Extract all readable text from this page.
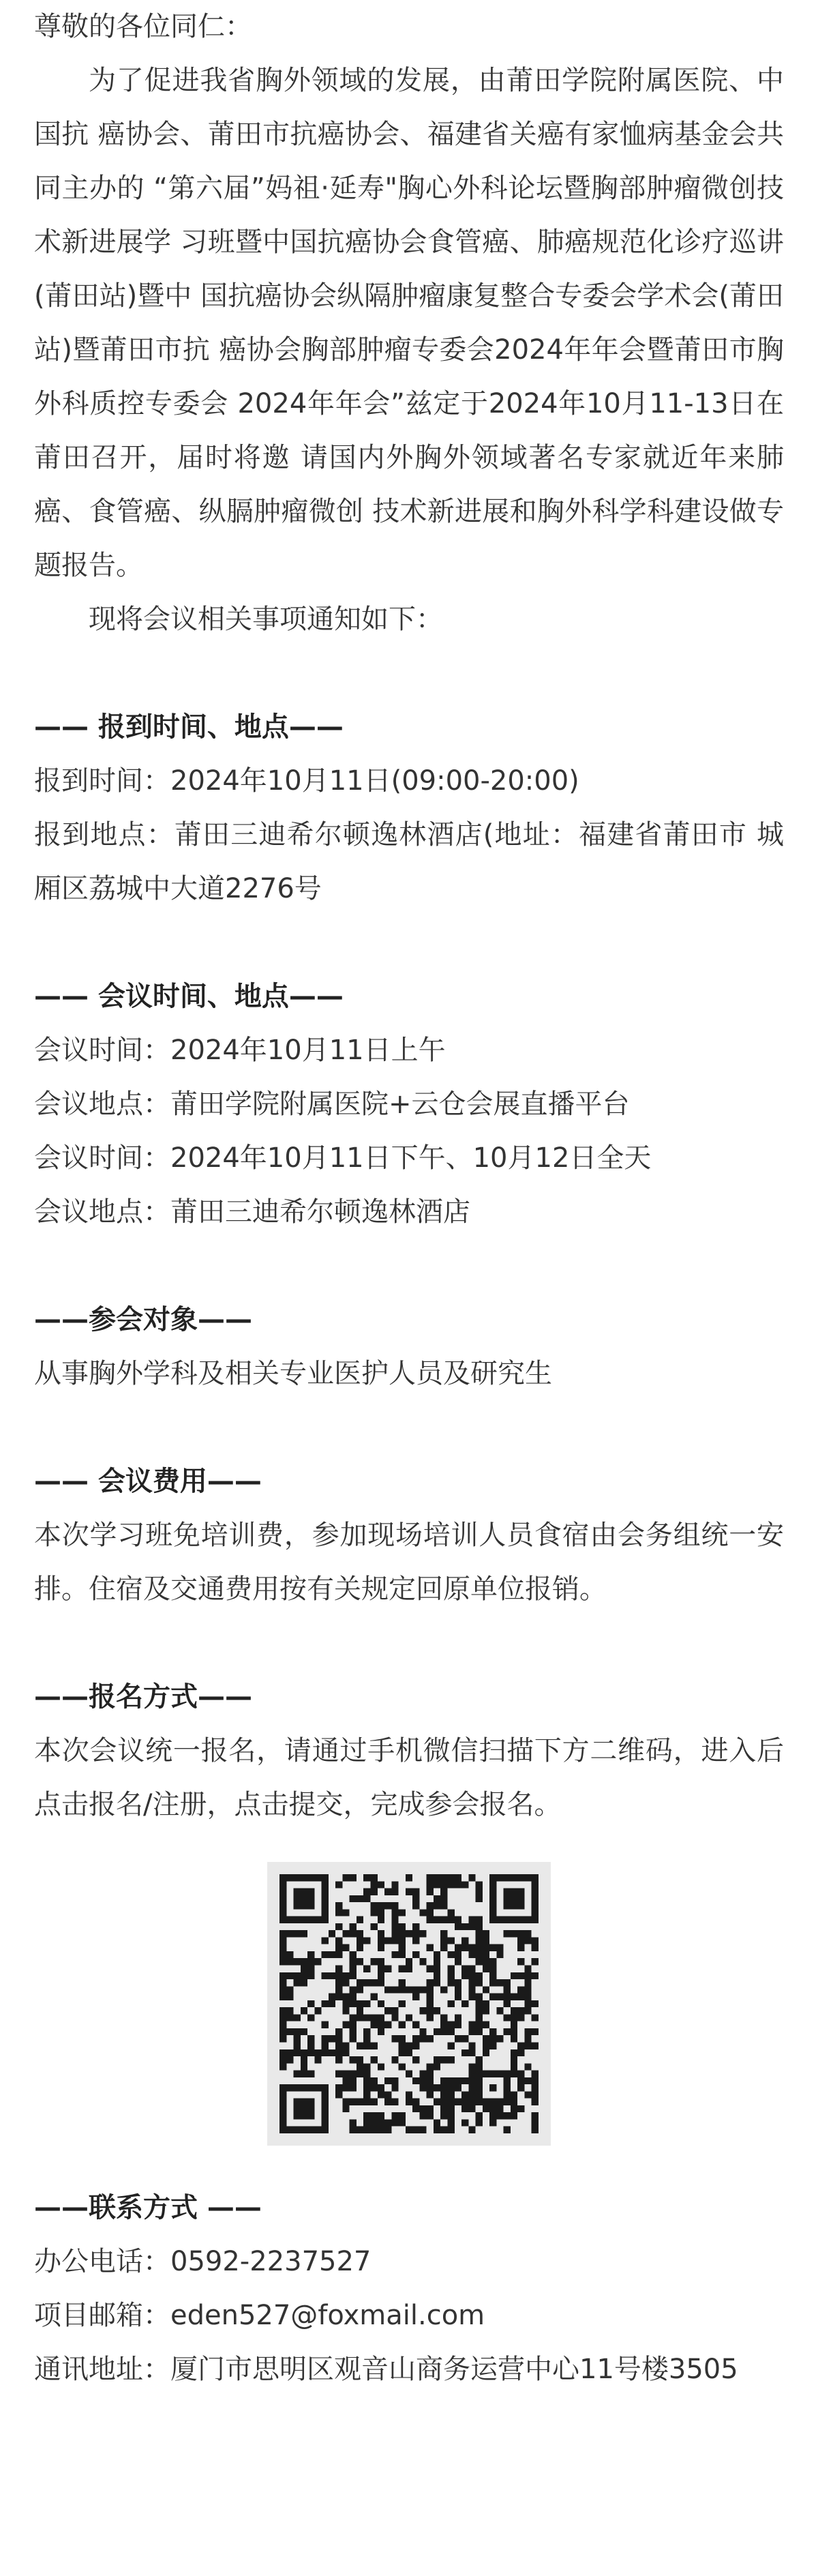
尊敬的各位同仁：

为了促进我省胸外领域的发展，由莆田学院附属医院、中国抗 癌协会、莆田市抗癌协会、福建省关癌有家恤病基金会共同主办的 “第六届”妈祖·延寿"胸心外科论坛暨胸部肿瘤微创技术新进展学 习班暨中国抗癌协会食管癌、肺癌规范化诊疗巡讲(莆田站)暨中 国抗癌协会纵隔肿瘤康复整合专委会学术会(莆田站)暨莆田市抗 癌协会胸部肿瘤专委会2024年年会暨莆田市胸外科质控专委会 2024年年会”兹定于2024年10月11-13日在莆田召开，届时将邀 请国内外胸外领域著名专家就近年来肺癌、食管癌、纵膈肿瘤微创 技术新进展和胸外科学科建设做专题报告。

现将会议相关事项通知如下：

—— 报到时间、地点——

报到时间：2024年10月11日(09:00-20:00)

报到地点：莆田三迪希尔顿逸林酒店(地址：福建省莆田市 城厢区荔城中大道2276号

—— 会议时间、地点——

会议时间：2024年10月11日上午

会议地点：莆田学院附属医院+云仓会展直播平台

会议时间：2024年10月11日下午、10月12日全天

会议地点：莆田三迪希尔顿逸林酒店

——参会对象——

从事胸外学科及相关专业医护人员及研究生

—— 会议费用——

本次学习班免培训费，参加现场培训人员食宿由会务组统一安排。住宿及交通费用按有关规定回原单位报销。

——报名方式——

本次会议统一报名，请通过手机微信扫描下方二维码，进入后点击报名/注册，点击提交，完成参会报名。

——联系方式 ——

办公电话：0592-2237527

项目邮箱：eden527@foxmail.com

通讯地址：厦门市思明区观音山商务运营中心11号楼3505
